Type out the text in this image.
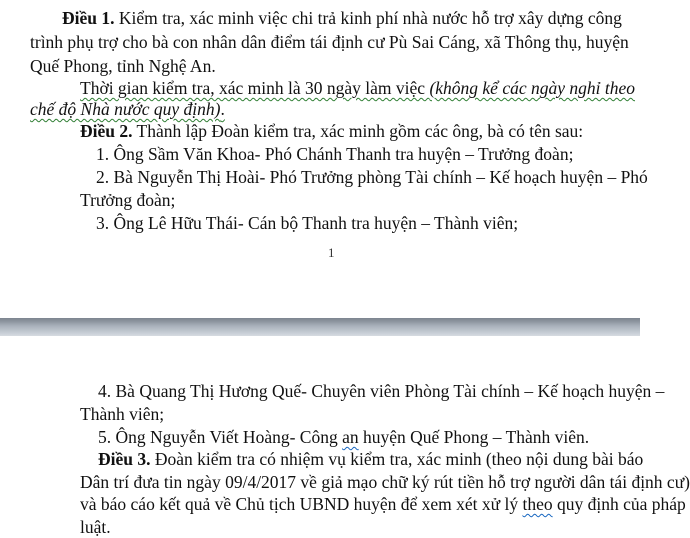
Điều 1. Kiểm tra, xác minh việc chi trả kinh phí nhà nước hỗ trợ xây dựng công
trình phụ trợ cho bà con nhân dân điểm tái định cư Pù Sai Cáng, xã Thông thụ, huyện
Quế Phong, tỉnh Nghệ An.
Thời gian kiểm tra, xác minh là 30 ngày làm việc (không kể các ngày nghỉ theo
chế độ Nhà nước quy định).
Điều 2. Thành lập Đoàn kiểm tra, xác minh gồm các ông, bà có tên sau:
1. Ông Sầm Văn Khoa- Phó Chánh Thanh tra huyện – Trưởng đoàn;
2. Bà Nguyễn Thị Hoài- Phó Trưởng phòng Tài chính – Kế hoạch huyện – Phó
Trưởng đoàn;
3. Ông Lê Hữu Thái- Cán bộ Thanh tra huyện – Thành viên;
1
4. Bà Quang Thị Hương Quế- Chuyên viên Phòng Tài chính – Kế hoạch huyện –
Thành viên;
5. Ông Nguyễn Viết Hoàng- Công an huyện Quế Phong – Thành viên.
Điều 3. Đoàn kiểm tra có nhiệm vụ kiểm tra, xác minh (theo nội dung bài báo
Dân trí đưa tin ngày 09/4/2017 về giả mạo chữ ký rút tiền hỗ trợ người dân tái định cư)
và báo cáo kết quả về Chủ tịch UBND huyện để xem xét xử lý theo quy định của pháp
luật.
